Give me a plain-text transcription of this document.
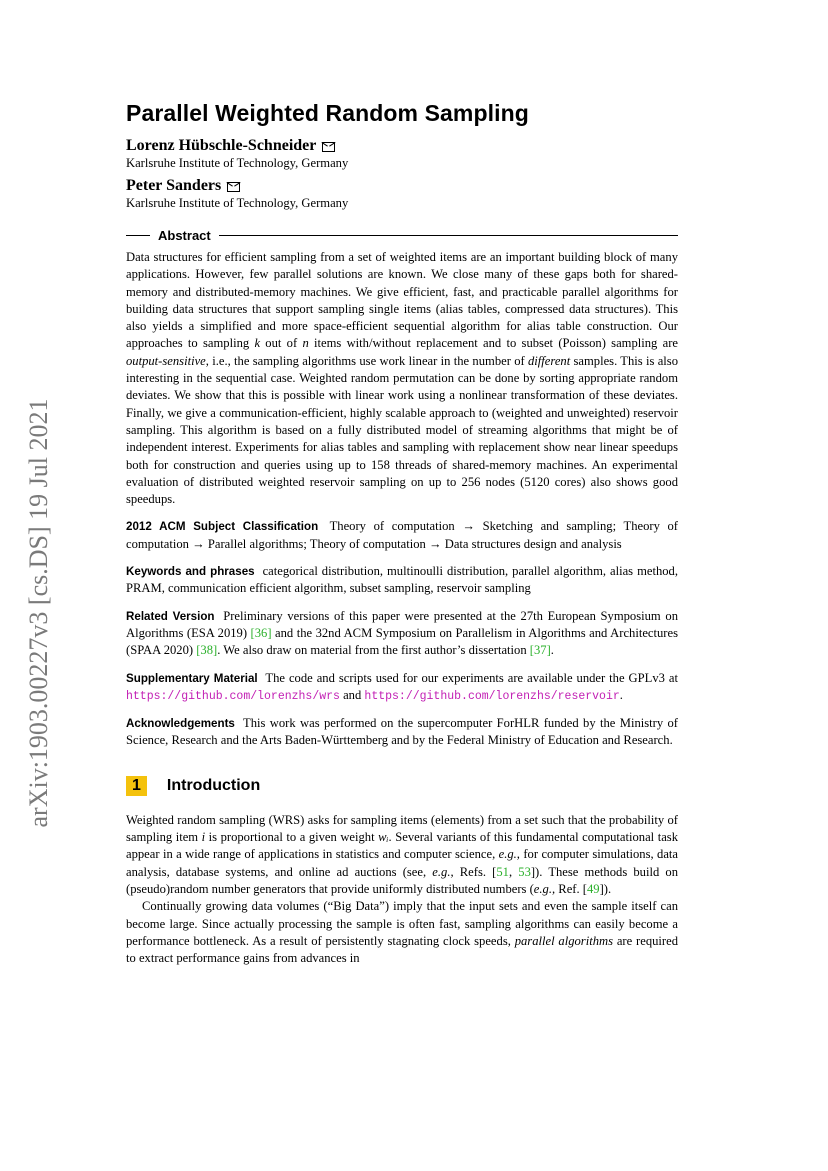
arXiv:1903.00227v3 [cs.DS] 19 Jul 2021
Parallel Weighted Random Sampling
Lorenz Hübschle-Schneider
Karlsruhe Institute of Technology, Germany
Peter Sanders
Karlsruhe Institute of Technology, Germany
Abstract
Data structures for efficient sampling from a set of weighted items are an important building block of many applications. However, few parallel solutions are known. We close many of these gaps both for shared-memory and distributed-memory machines. We give efficient, fast, and practicable parallel algorithms for building data structures that support sampling single items (alias tables, compressed data structures). This also yields a simplified and more space-efficient sequential algorithm for alias table construction. Our approaches to sampling k out of n items with/without replacement and to subset (Poisson) sampling are output-sensitive, i.e., the sampling algorithms use work linear in the number of different samples. This is also interesting in the sequential case. Weighted random permutation can be done by sorting appropriate random deviates. We show that this is possible with linear work using a nonlinear transformation of these deviates. Finally, we give a communication-efficient, highly scalable approach to (weighted and unweighted) reservoir sampling. This algorithm is based on a fully distributed model of streaming algorithms that might be of independent interest. Experiments for alias tables and sampling with replacement show near linear speedups both for construction and queries using up to 158 threads of shared-memory machines. An experimental evaluation of distributed weighted reservoir sampling on up to 256 nodes (5120 cores) also shows good speedups.
2012 ACM Subject Classification Theory of computation → Sketching and sampling; Theory of computation → Parallel algorithms; Theory of computation → Data structures design and analysis
Keywords and phrases categorical distribution, multinoulli distribution, parallel algorithm, alias method, PRAM, communication efficient algorithm, subset sampling, reservoir sampling
Related Version Preliminary versions of this paper were presented at the 27th European Symposium on Algorithms (ESA 2019) [36] and the 32nd ACM Symposium on Parallelism in Algorithms and Architectures (SPAA 2020) [38]. We also draw on material from the first author’s dissertation [37].
Supplementary Material The code and scripts used for our experiments are available under the GPLv3 at https://github.com/lorenzhs/wrs and https://github.com/lorenzhs/reservoir.
Acknowledgements This work was performed on the supercomputer ForHLR funded by the Ministry of Science, Research and the Arts Baden-Württemberg and by the Federal Ministry of Education and Research.
1	Introduction

Weighted random sampling (WRS) asks for sampling items (elements) from a set such that the probability of sampling item i is proportional to a given weight wᵢ. Several variants of this fundamental computational task appear in a wide range of applications in statistics and computer science, e.g., for computer simulations, data analysis, database systems, and online ad auctions (see, e.g., Refs. [51, 53]). These methods build on (pseudo)random number generators that provide uniformly distributed numbers (e.g., Ref. [49]).

Continually growing data volumes (“Big Data”) imply that the input sets and even the sample itself can become large. Since actually processing the sample is often fast, sampling algorithms can easily become a performance bottleneck. As a result of persistently stagnating clock speeds, parallel algorithms are required to extract performance gains from advances in
